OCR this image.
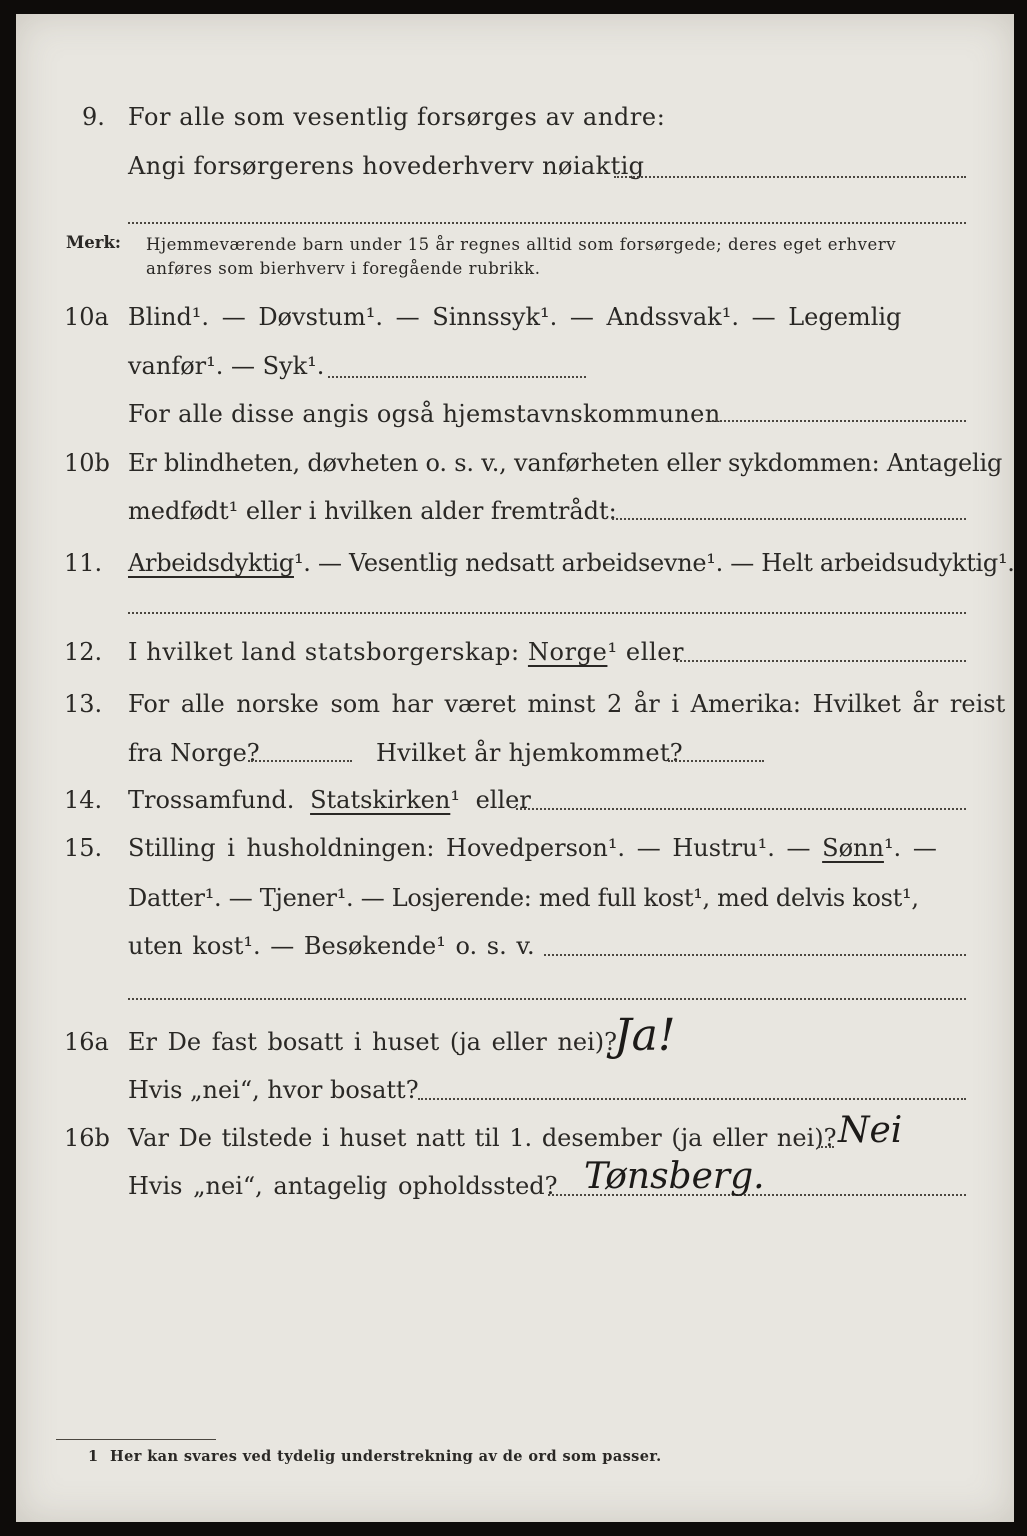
9. For alle som vesentlig forsørges av andre:
Angi forsørgerens hovederhverv nøiaktig
Merk: Hjemmeværende barn under 15 år regnes alltid som forsørgede; deres eget erhverv
anføres som bierhverv i foregående rubrikk.
10a Blind¹. — Døvstum¹. — Sinnssyk¹. — Andssvak¹. — Legemlig
vanfør¹. — Syk¹.
For alle disse angis også hjemstavnskommunen
10b Er blindheten, døvheten o. s. v., vanførheten eller sykdommen: Antagelig
medfødt¹ eller i hvilken alder fremtrådt:
11. Arbeidsdyktig¹. — Vesentlig nedsatt arbeidsevne¹. — Helt arbeidsudyktig¹.
12. I hvilket land statsborgerskap: Norge¹ eller
13. For alle norske som har været minst 2 år i Amerika: Hvilket år reist
fra Norge?	Hvilket år hjemkommet?
14. Trossamfund. Statskirken¹ eller
15. Stilling i husholdningen: Hovedperson¹. — Hustru¹. — Sønn¹. —
Datter¹. — Tjener¹. — Losjerende: med full kost¹, med delvis kost¹,
uten kost¹. — Besøkende¹ o. s. v.
16a Er De fast bosatt i huset (ja eller nei)?
Ja!
Hvis „nei“, hvor bosatt?
16b Var De tilstede i huset natt til 1. desember (ja eller nei)? Nei
Hvis „nei“, antagelig opholdssted? Tønsberg.
1 Her kan svares ved tydelig understrekning av de ord som passer.
